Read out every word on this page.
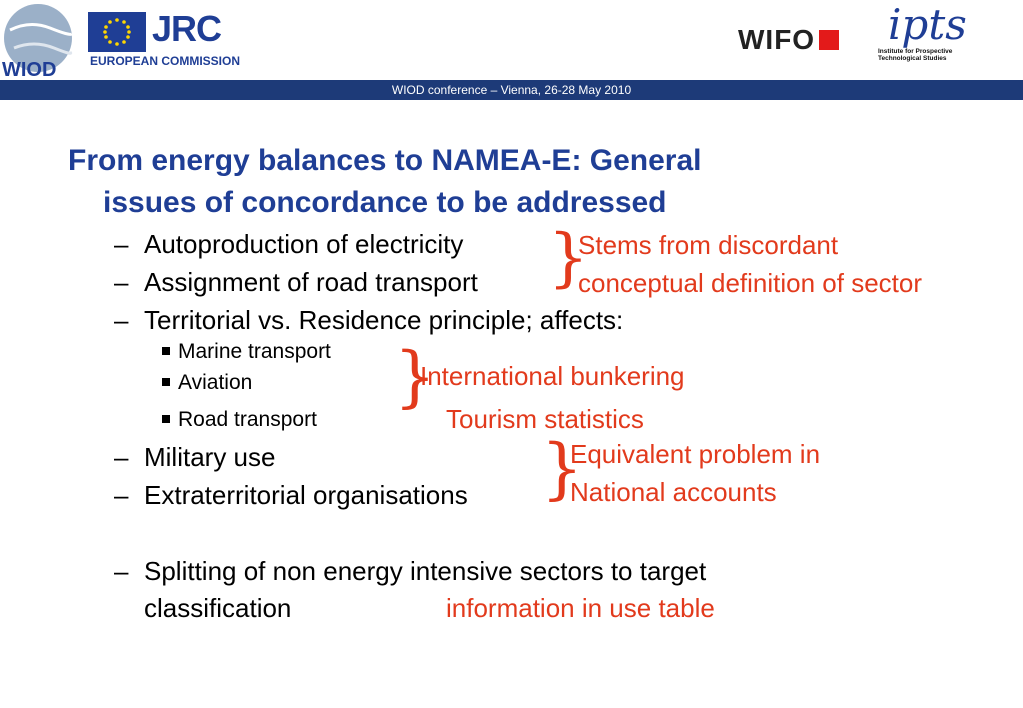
WIOD
JRC
EUROPEAN COMMISSION
WIFO	ipts
Institute for Prospective Technological Studies
WIOD conference – Vienna, 26-28 May 2010
From energy balances to NAMEA-E: General
issues of concordance to be addressed
– Autoproduction of electricity
– Assignment of road transport
– Territorial vs. Residence principle; affects:
Marine transport
Aviation
Road transport
– Military use
– Extraterritorial organisations
– Splitting of non energy intensive sectors to target
classification
}
Stems from discordant
conceptual definition of sector
}
International bunkering
Tourism statistics
}
Equivalent problem in
National accounts
information in use table
